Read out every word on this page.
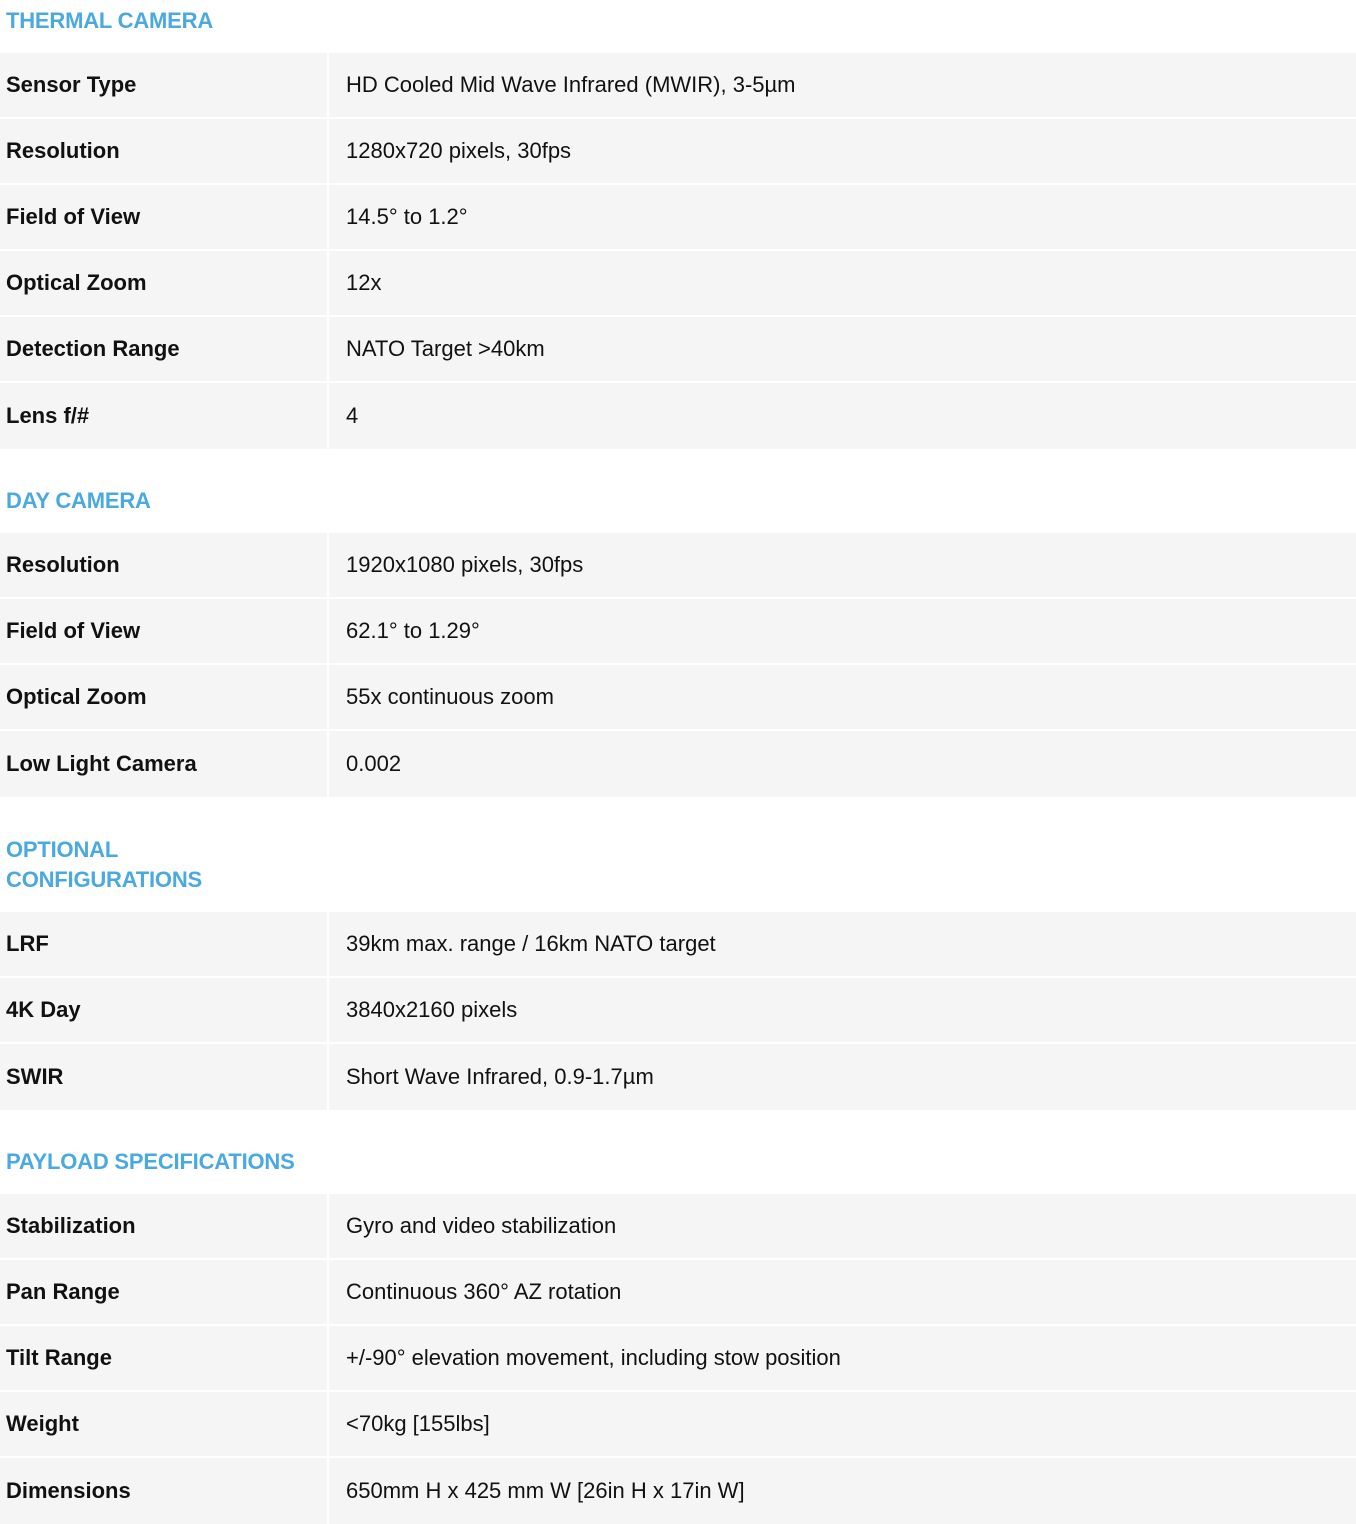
THERMAL CAMERA
Sensor Type	HD Cooled Mid Wave Infrared (MWIR), 3-5µm
Resolution	1280x720 pixels, 30fps
Field of View	14.5° to 1.2°
Optical Zoom	12x
Detection Range	NATO Target >40km
Lens f/#	4
DAY CAMERA
Resolution	1920x1080 pixels, 30fps
Field of View	62.1° to 1.29°
Optical Zoom	55x continuous zoom
Low Light Camera	0.002
OPTIONAL
CONFIGURATIONS
LRF	39km max. range / 16km NATO target
4K Day	3840x2160 pixels
SWIR	Short Wave Infrared, 0.9-1.7µm
PAYLOAD SPECIFICATIONS
Stabilization	Gyro and video stabilization
Pan Range	Continuous 360° AZ rotation
Tilt Range	+/-90° elevation movement, including stow position
Weight	<70kg [155lbs]
Dimensions	650mm H x 425 mm W [26in H x 17in W]
